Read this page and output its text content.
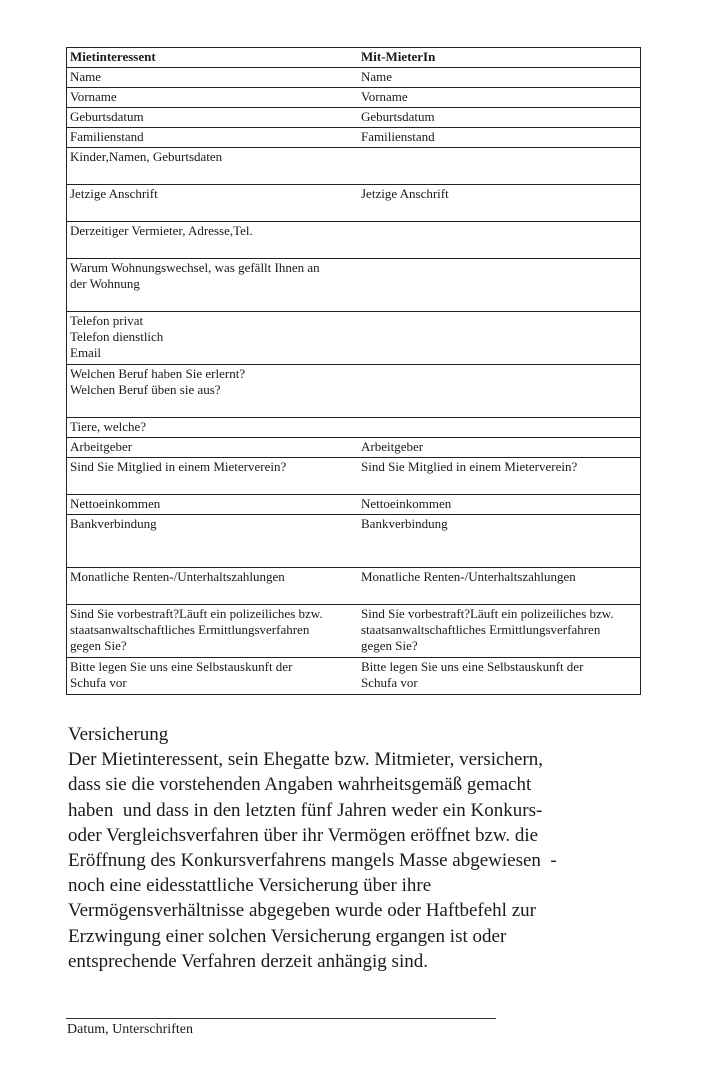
Mietinteressent	Mit-MieterIn

Name	Name

Vorname	Vorname

Geburtsdatum	Geburtsdatum

Familienstand	Familienstand

Kinder,Namen, Geburtsdaten	

Jetzige Anschrift	Jetzige Anschrift

Derzeitiger Vermieter, Adresse,Tel.	

Warum Wohnungswechsel, was gefällt Ihnen an
der Wohnung	

Telefon privat
Telefon dienstlich
Email	

Welchen Beruf haben Sie erlernt?
Welchen Beruf üben sie aus?	

Tiere, welche?	

Arbeitgeber	Arbeitgeber

Sind Sie Mitglied in einem Mieterverein?	Sind Sie Mitglied in einem Mieterverein?

Nettoeinkommen	Nettoeinkommen

Bankverbindung	Bankverbindung

Monatliche Renten-/Unterhaltszahlungen	Monatliche Renten-/Unterhaltszahlungen

Sind Sie vorbestraft?Läuft ein polizeiliches bzw.
staatsanwaltschaftliches Ermittlungsverfahren
gegen Sie?	Sind Sie vorbestraft?Läuft ein polizeiliches bzw.
staatsanwaltschaftliches Ermittlungsverfahren
gegen Sie?

Bitte legen Sie uns eine Selbstauskunft der
Schufa vor	Bitte legen Sie uns eine Selbstauskunft der
Schufa vor
Versicherung
Der Mietinteressent, sein Ehegatte bzw. Mitmieter, versichern,
dass sie die vorstehenden Angaben wahrheitsgemäß gemacht
haben  und dass in den letzten fünf Jahren weder ein Konkurs-
oder Vergleichsverfahren über ihr Vermögen eröffnet bzw. die
Eröffnung des Konkursverfahrens mangels Masse abgewiesen  -
noch eine eidesstattliche Versicherung über ihre
Vermögensverhältnisse abgegeben wurde oder Haftbefehl zur
Erzwingung einer solchen Versicherung ergangen ist oder
entsprechende Verfahren derzeit anhängig sind.
Datum, Unterschriften
